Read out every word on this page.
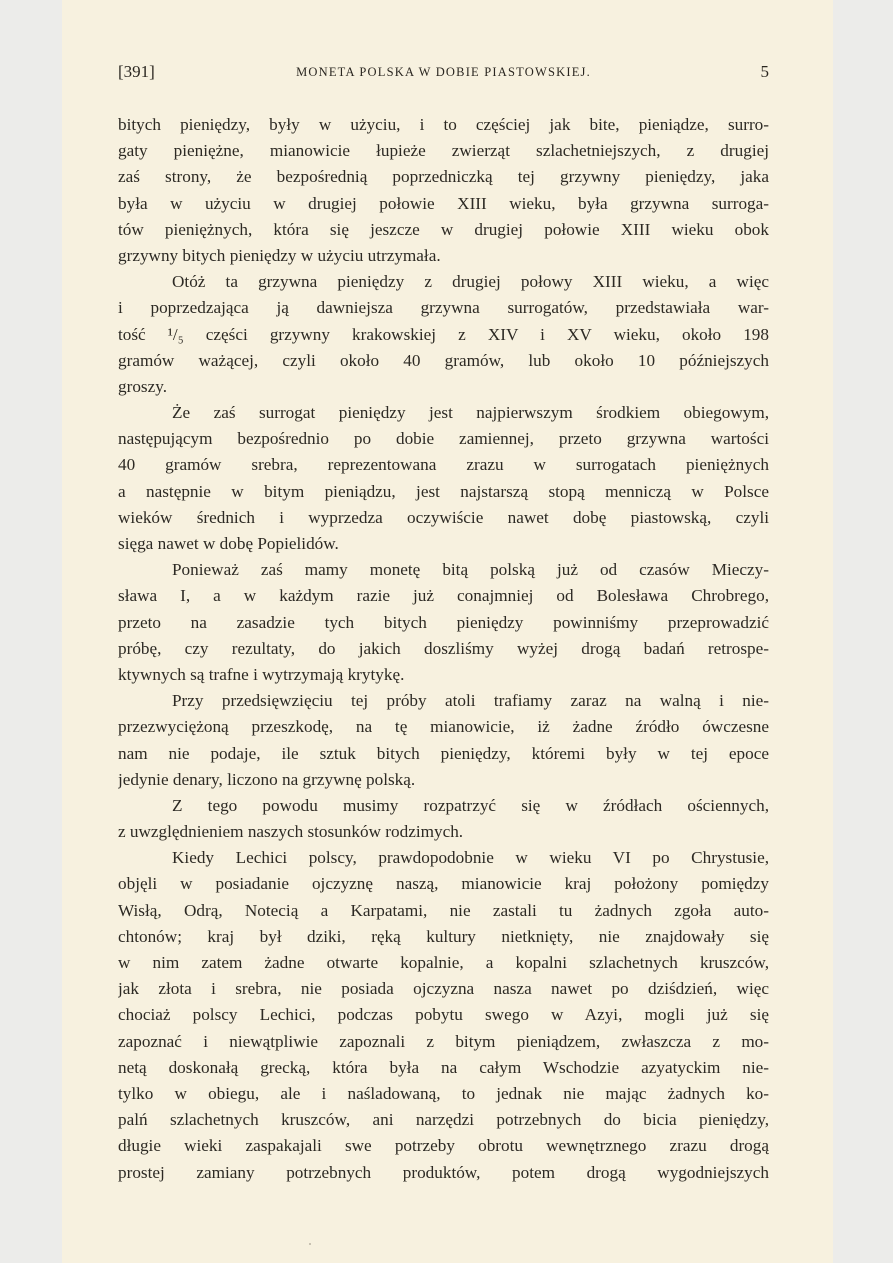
[391]	MONETA POLSKA W DOBIE PIASTOWSKIEJ.	5
bitych pieniędzy, były w użyciu, i to częściej jak bite, pieniądze, surro-
gaty pieniężne, mianowicie łupieże zwierząt szlachetniejszych, z drugiej
zaś strony, że bezpośrednią poprzedniczką tej grzywny pieniędzy, jaka
była w użyciu w drugiej połowie XIII wieku, była grzywna surroga-
tów pieniężnych, która się jeszcze w drugiej połowie XIII wieku obok
grzywny bitych pieniędzy w użyciu utrzymała.
Otóż ta grzywna pieniędzy z drugiej połowy XIII wieku, a więc
i poprzedzająca ją dawniejsza grzywna surrogatów, przedstawiała war-
tość ¹/₅ części grzywny krakowskiej z XIV i XV wieku, około 198
gramów ważącej, czyli około 40 gramów, lub około 10 późniejszych
groszy.
Że zaś surrogat pieniędzy jest najpierwszym środkiem obiegowym,
następującym bezpośrednio po dobie zamiennej, przeto grzywna wartości
40 gramów srebra, reprezentowana zrazu w surrogatach pieniężnych
a następnie w bitym pieniądzu, jest najstarszą stopą menniczą w Polsce
wieków średnich i wyprzedza oczywiście nawet dobę piastowską, czyli
sięga nawet w dobę Popielidów.
Ponieważ zaś mamy monetę bitą polską już od czasów Mieczy-
sława I, a w każdym razie już conajmniej od Bolesława Chrobrego,
przeto na zasadzie tych bitych pieniędzy powinniśmy przeprowadzić
próbę, czy rezultaty, do jakich doszliśmy wyżej drogą badań retrospe-
ktywnych są trafne i wytrzymają krytykę.
Przy przedsięwzięciu tej próby atoli trafiamy zaraz na walną i nie-
przezwyciężoną przeszkodę, na tę mianowicie, iż żadne źródło ówczesne
nam nie podaje, ile sztuk bitych pieniędzy, któremi były w tej epoce
jedynie denary, liczono na grzywnę polską.
Z tego powodu musimy rozpatrzyć się w źródłach ościennych,
z uwzględnieniem naszych stosunków rodzimych.
Kiedy Lechici polscy, prawdopodobnie w wieku VI po Chrystusie,
objęli w posiadanie ojczyznę naszą, mianowicie kraj położony pomiędzy
Wisłą, Odrą, Notecią a Karpatami, nie zastali tu żadnych zgoła auto-
chtonów; kraj był dziki, ręką kultury nietknięty, nie znajdowały się
w nim zatem żadne otwarte kopalnie, a kopalni szlachetnych kruszców,
jak złota i srebra, nie posiada ojczyzna nasza nawet po dziśdzień, więc
chociaż polscy Lechici, podczas pobytu swego w Azyi, mogli już się
zapoznać i niewątpliwie zapoznali z bitym pieniądzem, zwłaszcza z mo-
netą doskonałą grecką, która była na całym Wschodzie azyatyckim nie-
tylko w obiegu, ale i naśladowaną, to jednak nie mając żadnych ko-
palń szlachetnych kruszców, ani narzędzi potrzebnych do bicia pieniędzy,
długie wieki zaspakajali swe potrzeby obrotu wewnętrznego zrazu drogą
prostej zamiany potrzebnych produktów, potem drogą wygodniejszych
